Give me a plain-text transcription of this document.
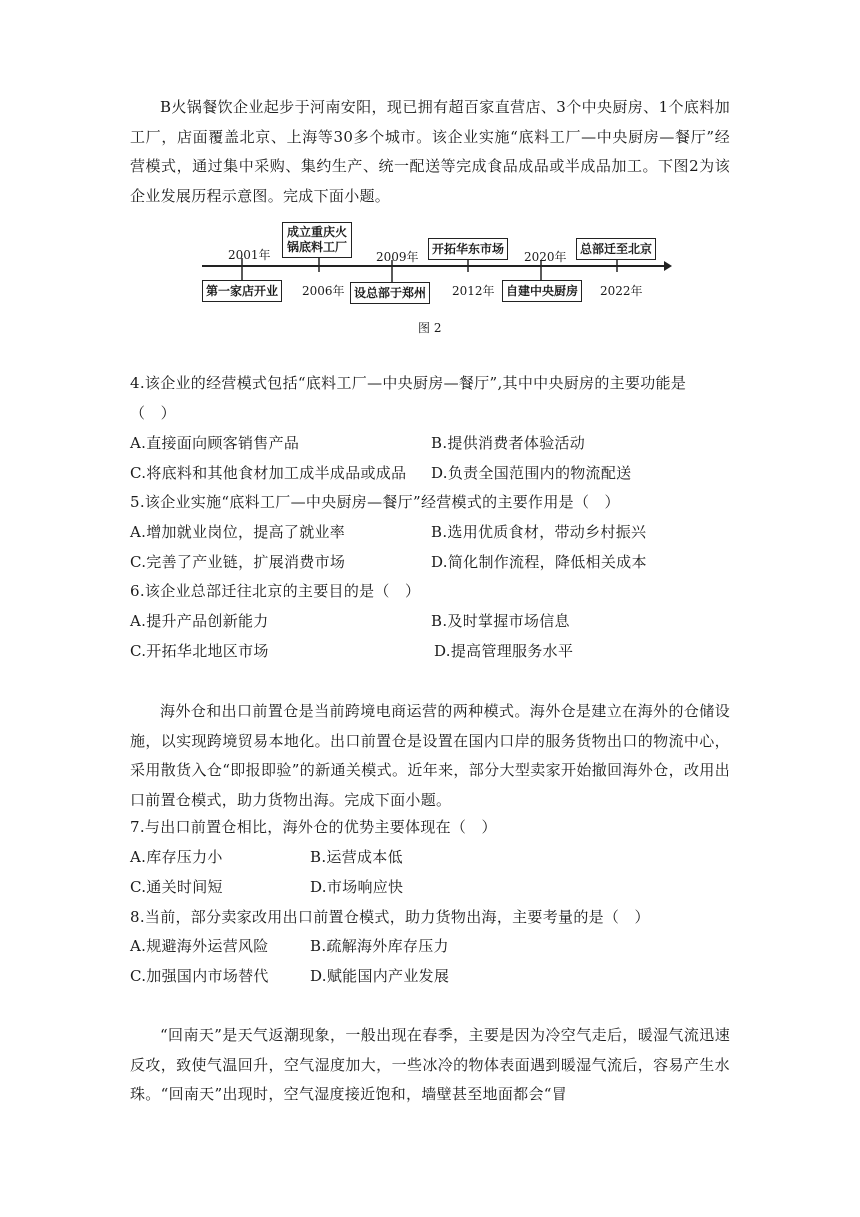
B火锅餐饮企业起步于河南安阳，现已拥有超百家直营店、3个中央厨房、1个底料加工厂，店面覆盖北京、上海等30多个城市。该企业实施“底料工厂—中央厨房—餐厅”经营模式，通过集中采购、集约生产、统一配送等完成食品成品或半成品加工。下图2为该企业发展历程示意图。完成下面小题。

2001年
第一家店开业
成立重庆火锅底料工厂
2006年
2009年
设总部于郑州
开拓华东市场
2012年
2020年
自建中央厨房
总部迁至北京
2022年
图 2
4.该企业的经营模式包括“底料工厂—中央厨房—餐厅”,其中中央厨房的主要功能是
（　）
A.直接面向顾客销售产品	B.提供消费者体验活动
C.将底料和其他食材加工成半成品或成品 D.负责全国范围内的物流配送
5.该企业实施“底料工厂—中央厨房—餐厅”经营模式的主要作用是（　）
A.增加就业岗位，提高了就业率	B.选用优质食材，带动乡村振兴
C.完善了产业链，扩展消费市场	D.简化制作流程，降低相关成本
6.该企业总部迁往北京的主要目的是（　）
A.提升产品创新能力	B.及时掌握市场信息
C.开拓华北地区市场	D.提高管理服务水平

海外仓和出口前置仓是当前跨境电商运营的两种模式。海外仓是建立在海外的仓储设施，以实现跨境贸易本地化。出口前置仓是设置在国内口岸的服务货物出口的物流中心，采用散货入仓“即报即验”的新通关模式。近年来，部分大型卖家开始撤回海外仓，改用出口前置仓模式，助力货物出海。完成下面小题。

7.与出口前置仓相比，海外仓的优势主要体现在（　）
A.库存压力小	B.运营成本低
C.通关时间短	D.市场响应快
8.当前，部分卖家改用出口前置仓模式，助力货物出海，主要考量的是（　）
A.规避海外运营风险	B.疏解海外库存压力
C.加强国内市场替代	D.赋能国内产业发展

“回南天”是天气返潮现象，一般出现在春季，主要是因为冷空气走后，暖湿气流迅速反攻，致使气温回升，空气湿度加大，一些冰冷的物体表面遇到暖湿气流后，容易产生水珠。“回南天”出现时，空气湿度接近饱和，墙壁甚至地面都会“冒
